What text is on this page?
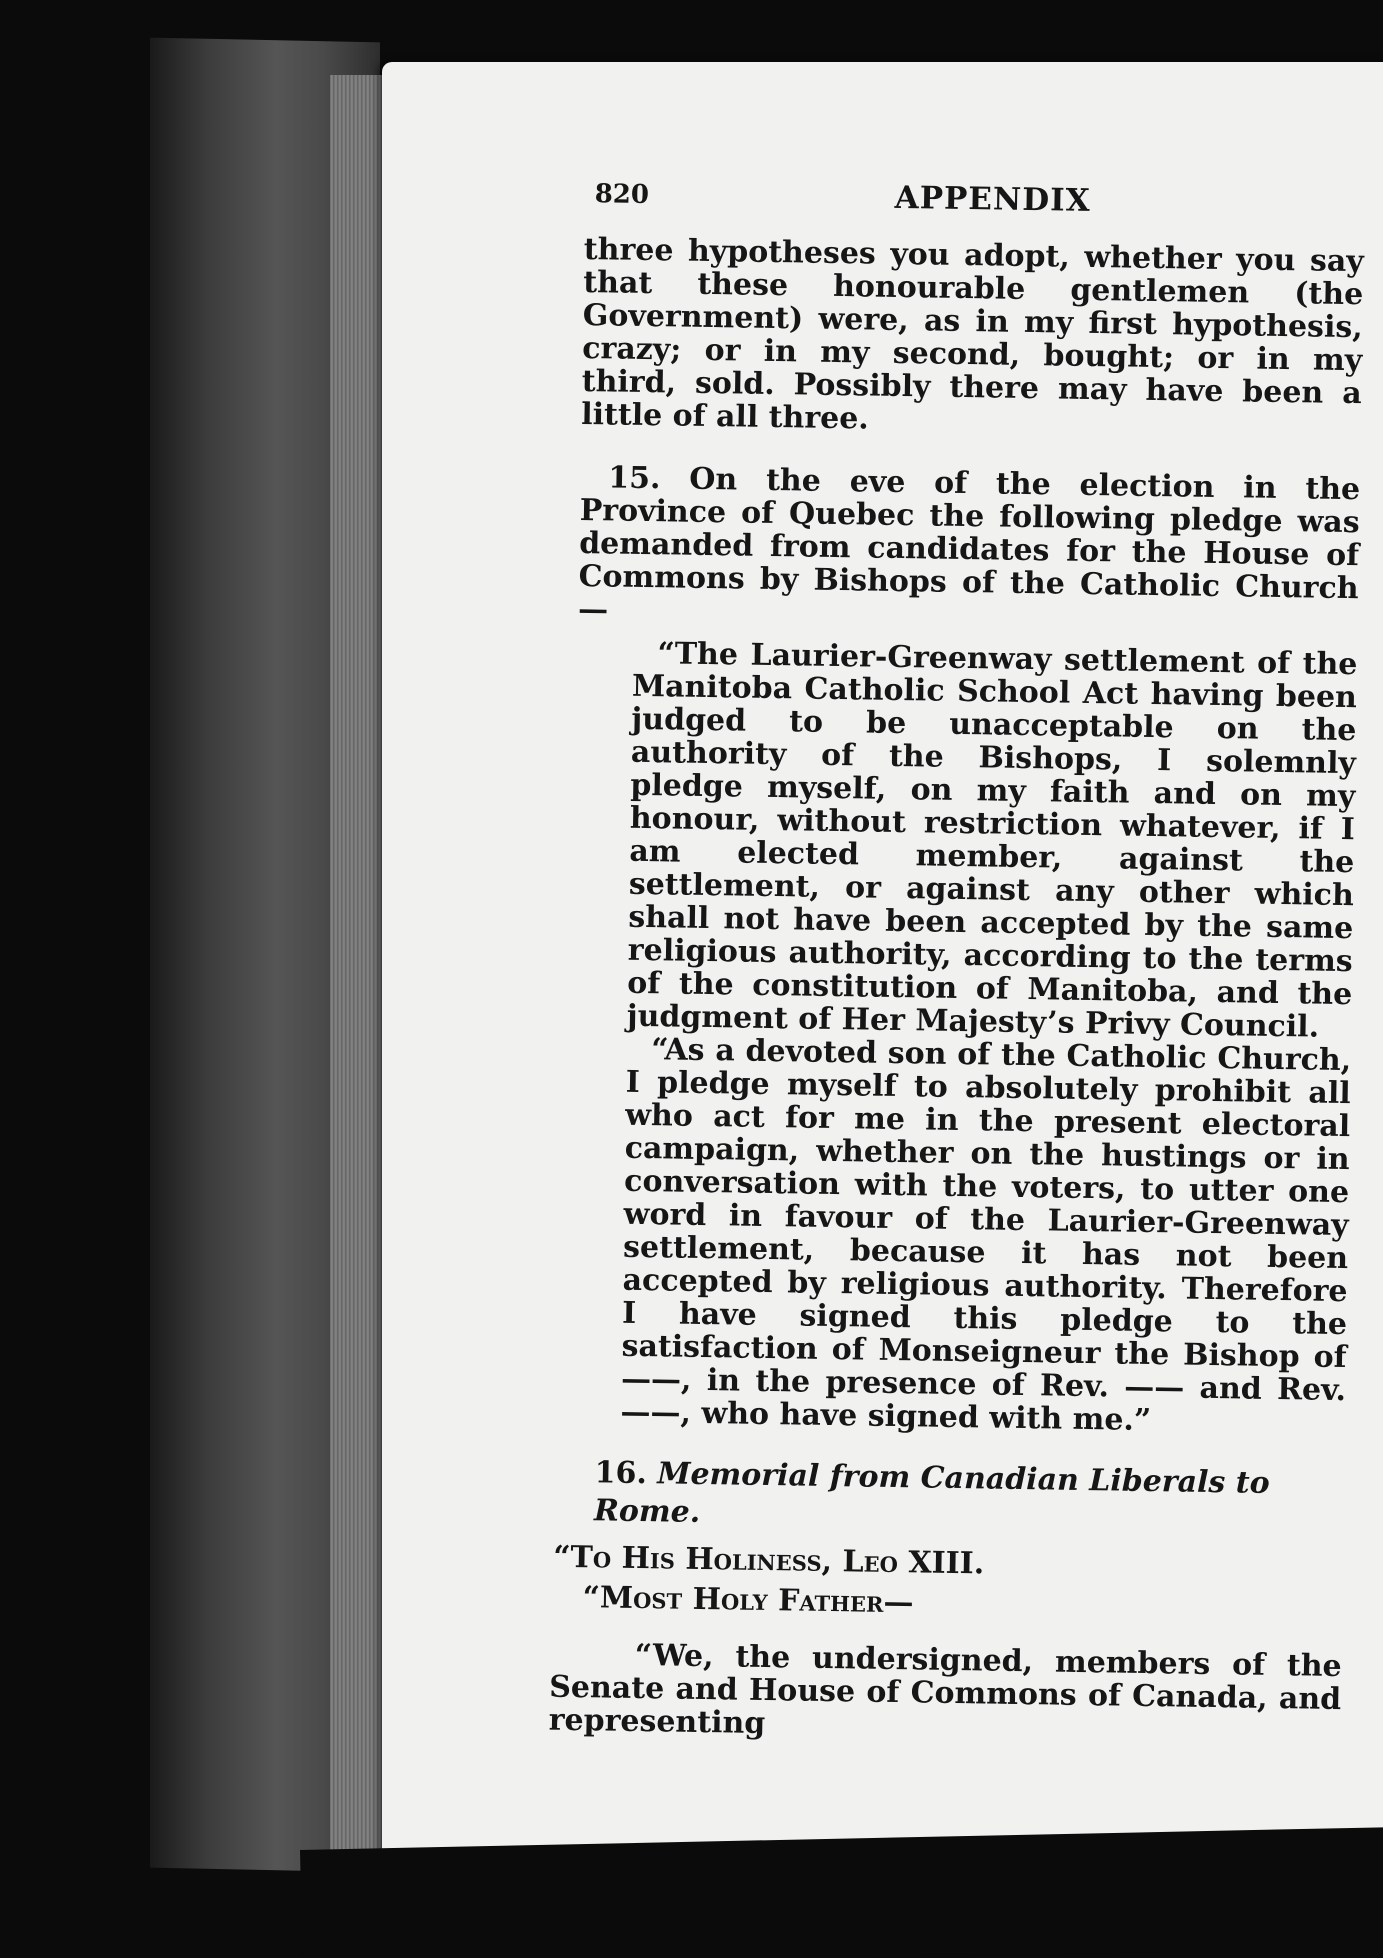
820	APPENDIX

three hypotheses you adopt, whether you say that these honourable gentlemen (the Government) were, as in my first hypothesis, crazy; or in my second, bought; or in my third, sold. Possibly there may have been a little of all three.

15. On the eve of the election in the Province of Quebec the following pledge was demanded from candidates for the House of Commons by Bishops of the Catholic Church—

“The Laurier-Greenway settlement of the Manitoba Catholic School Act having been judged to be unacceptable on the authority of the Bishops, I solemnly pledge myself, on my faith and on my honour, without restriction whatever, if I am elected member, against the settlement, or against any other which shall not have been accepted by the same religious authority, according to the terms of the constitution of Manitoba, and the judgment of Her Majesty’s Privy Council.

“As a devoted son of the Catholic Church, I pledge myself to absolutely prohibit all who act for me in the present electoral campaign, whether on the hustings or in conversation with the voters, to utter one word in favour of the Laurier-Greenway settlement, because it has not been accepted by religious authority. Therefore I have signed this pledge to the satisfaction of Monseigneur the Bishop of ——, in the presence of Rev. —— and Rev. ——, who have signed with me.”

16. Memorial from Canadian Liberals to Rome.
“To His Holiness, Leo XIII.
“Most Holy Father—

“We, the undersigned, members of the Senate and House of Commons of Canada, and representing
